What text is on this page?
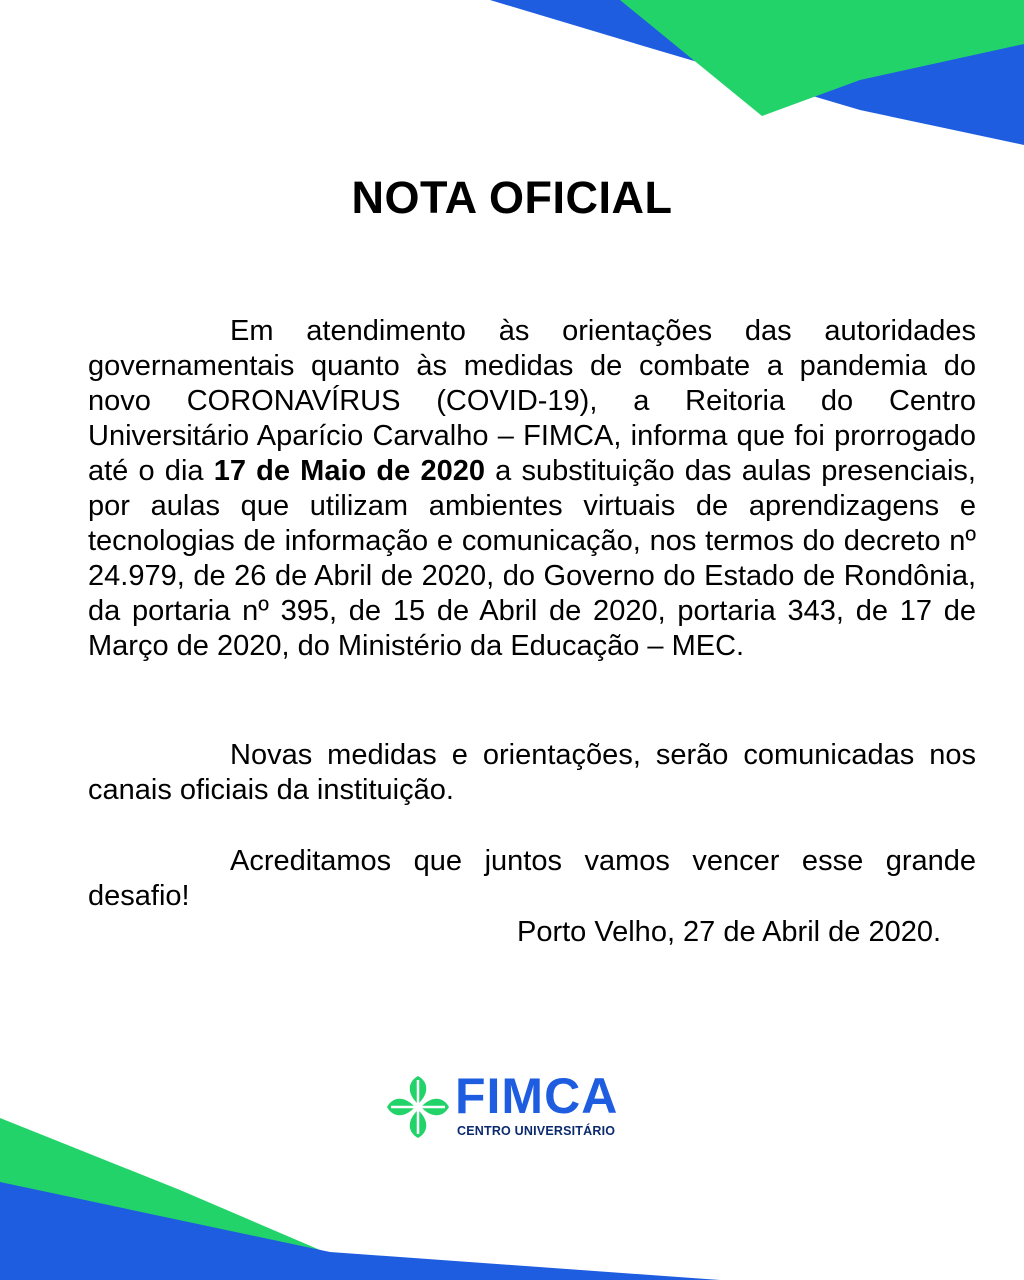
NOTA OFICIAL

Em atendimento às orientações das autoridades governamentais quanto às medidas de combate a pandemia do novo CORONAVÍRUS (COVID-19), a Reitoria do Centro Universitário Aparício Carvalho – FIMCA, informa que foi prorrogado até o dia 17 de Maio de 2020 a substituição das aulas presenciais, por aulas que utilizam ambientes virtuais de aprendizagens e tecnologias de informação e comunicação, nos termos do decreto nº 24.979, de 26 de Abril de 2020, do Governo do Estado de Rondônia, da portaria nº 395, de 15 de Abril de 2020, portaria 343, de 17 de Março de 2020, do Ministério da Educação – MEC.

Novas medidas e orientações, serão comunicadas nos canais oficiais da instituição.

Acreditamos que juntos vamos vencer esse grande desafio!

Porto Velho, 27 de Abril de 2020.

FIMCA
CENTRO UNIVERSITÁRIO
